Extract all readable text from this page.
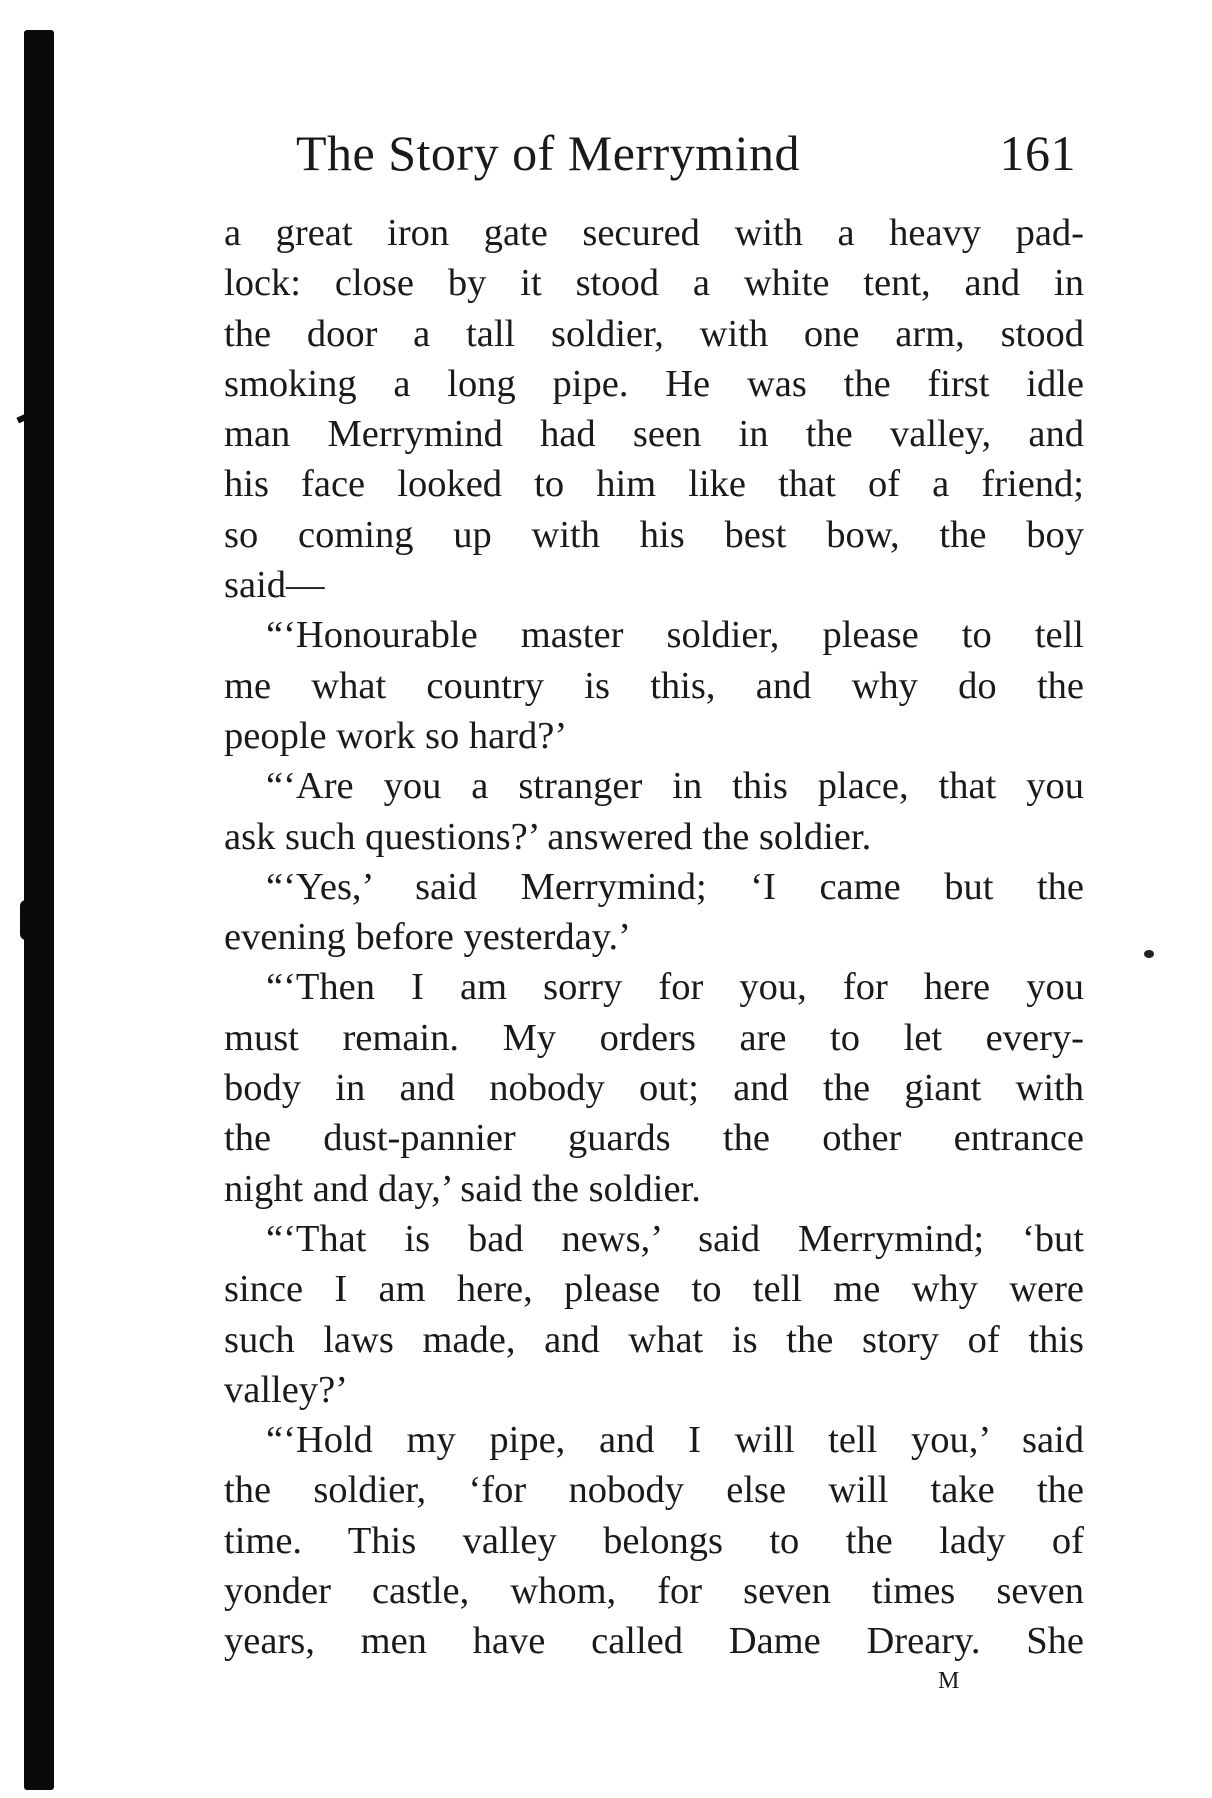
The Story of Merrymind	161
a great iron gate secured with a heavy pad-
lock: close by it stood a white tent, and in
the door a tall soldier, with one arm, stood
smoking a long pipe. He was the first idle
man Merrymind had seen in the valley, and
his face looked to him like that of a friend;
so coming up with his best bow, the boy
said—
“‘Honourable master soldier, please to tell
me what country is this, and why do the
people work so hard?’
“‘Are you a stranger in this place, that you
ask such questions?’ answered the soldier.
“‘Yes,’ said Merrymind; ‘I came but the
evening before yesterday.’
“‘Then I am sorry for you, for here you
must remain. My orders are to let every-
body in and nobody out; and the giant with
the dust-pannier guards the other entrance
night and day,’ said the soldier.
“‘That is bad news,’ said Merrymind; ‘but
since I am here, please to tell me why were
such laws made, and what is the story of this
valley?’
“‘Hold my pipe, and I will tell you,’ said
the soldier, ‘for nobody else will take the
time. This valley belongs to the lady of
yonder castle, whom, for seven times seven
years, men have called Dame Dreary. She
M
